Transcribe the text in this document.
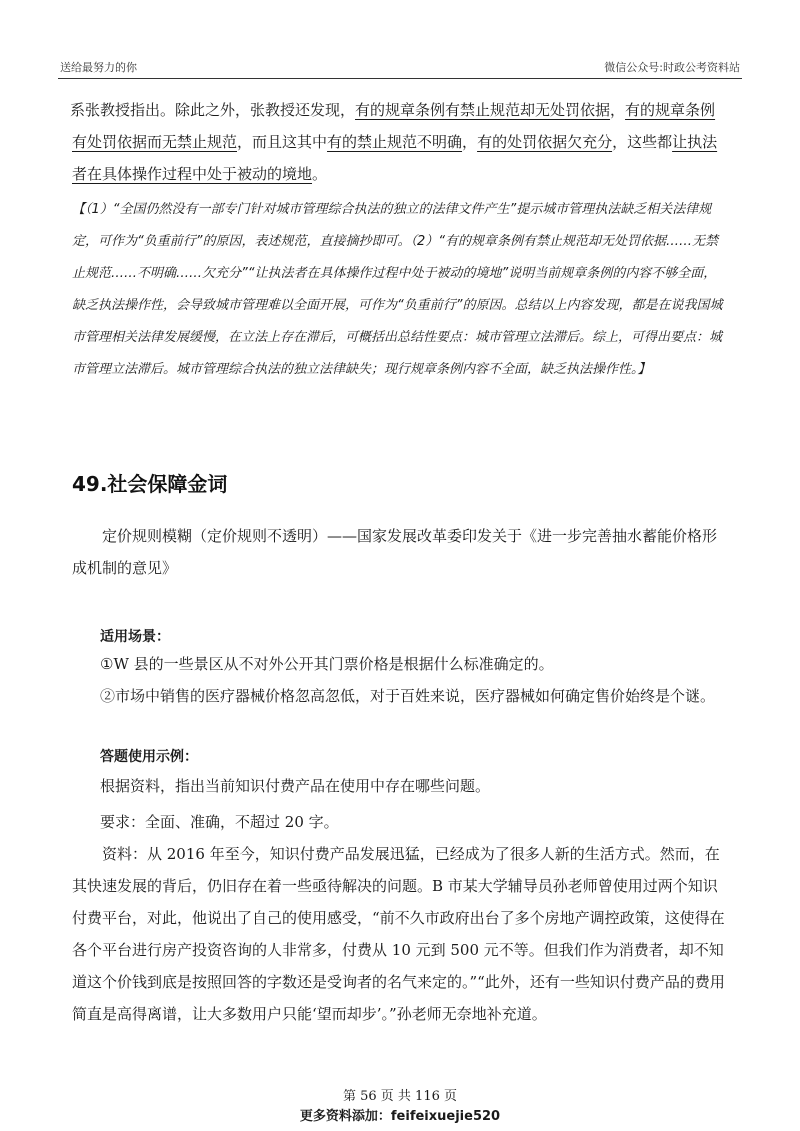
送给最努力的你	微信公众号:时政公考资料站
系张教授指出。除此之外，张教授还发现，有的规章条例有禁止规范却无处罚依据，有的规章条例有处罚依据而无禁止规范，而且这其中有的禁止规范不明确，有的处罚依据欠充分，这些都让执法者在具体操作过程中处于被动的境地。
【（1）“全国仍然没有一部专门针对城市管理综合执法的独立的法律文件产生”提示城市管理执法缺乏相关法律规定，可作为“负重前行”的原因，表述规范，直接摘抄即可。（2）“有的规章条例有禁止规范却无处罚依据……无禁止规范……不明确……欠充分”“让执法者在具体操作过程中处于被动的境地”说明当前规章条例的内容不够全面，缺乏执法操作性，会导致城市管理难以全面开展，可作为“负重前行”的原因。总结以上内容发现，都是在说我国城市管理相关法律发展缓慢，在立法上存在滞后，可概括出总结性要点：城市管理立法滞后。综上，可得出要点：城市管理立法滞后。城市管理综合执法的独立法律缺失；现行规章条例内容不全面，缺乏执法操作性。】
49.社会保障金词
定价规则模糊（定价规则不透明）——国家发展改革委印发关于《进一步完善抽水蓄能价格形成机制的意见》
适用场景：
①W 县的一些景区从不对外公开其门票价格是根据什么标准确定的。
②市场中销售的医疗器械价格忽高忽低，对于百姓来说，医疗器械如何确定售价始终是个谜。
答题使用示例：
根据资料，指出当前知识付费产品在使用中存在哪些问题。
要求：全面、准确，不超过 20 字。
资料：从 2016 年至今，知识付费产品发展迅猛，已经成为了很多人新的生活方式。然而，在其快速发展的背后，仍旧存在着一些亟待解决的问题。B 市某大学辅导员孙老师曾使用过两个知识付费平台，对此，他说出了自己的使用感受，“前不久市政府出台了多个房地产调控政策，这使得在各个平台进行房产投资咨询的人非常多，付费从 10 元到 500 元不等。但我们作为消费者，却不知道这个价钱到底是按照回答的字数还是受询者的名气来定的。”“此外，还有一些知识付费产品的费用简直是高得离谱，让大多数用户只能‘望而却步’。”孙老师无奈地补充道。
第 56 页 共 116 页
更多资料添加：feifeixuejie520
